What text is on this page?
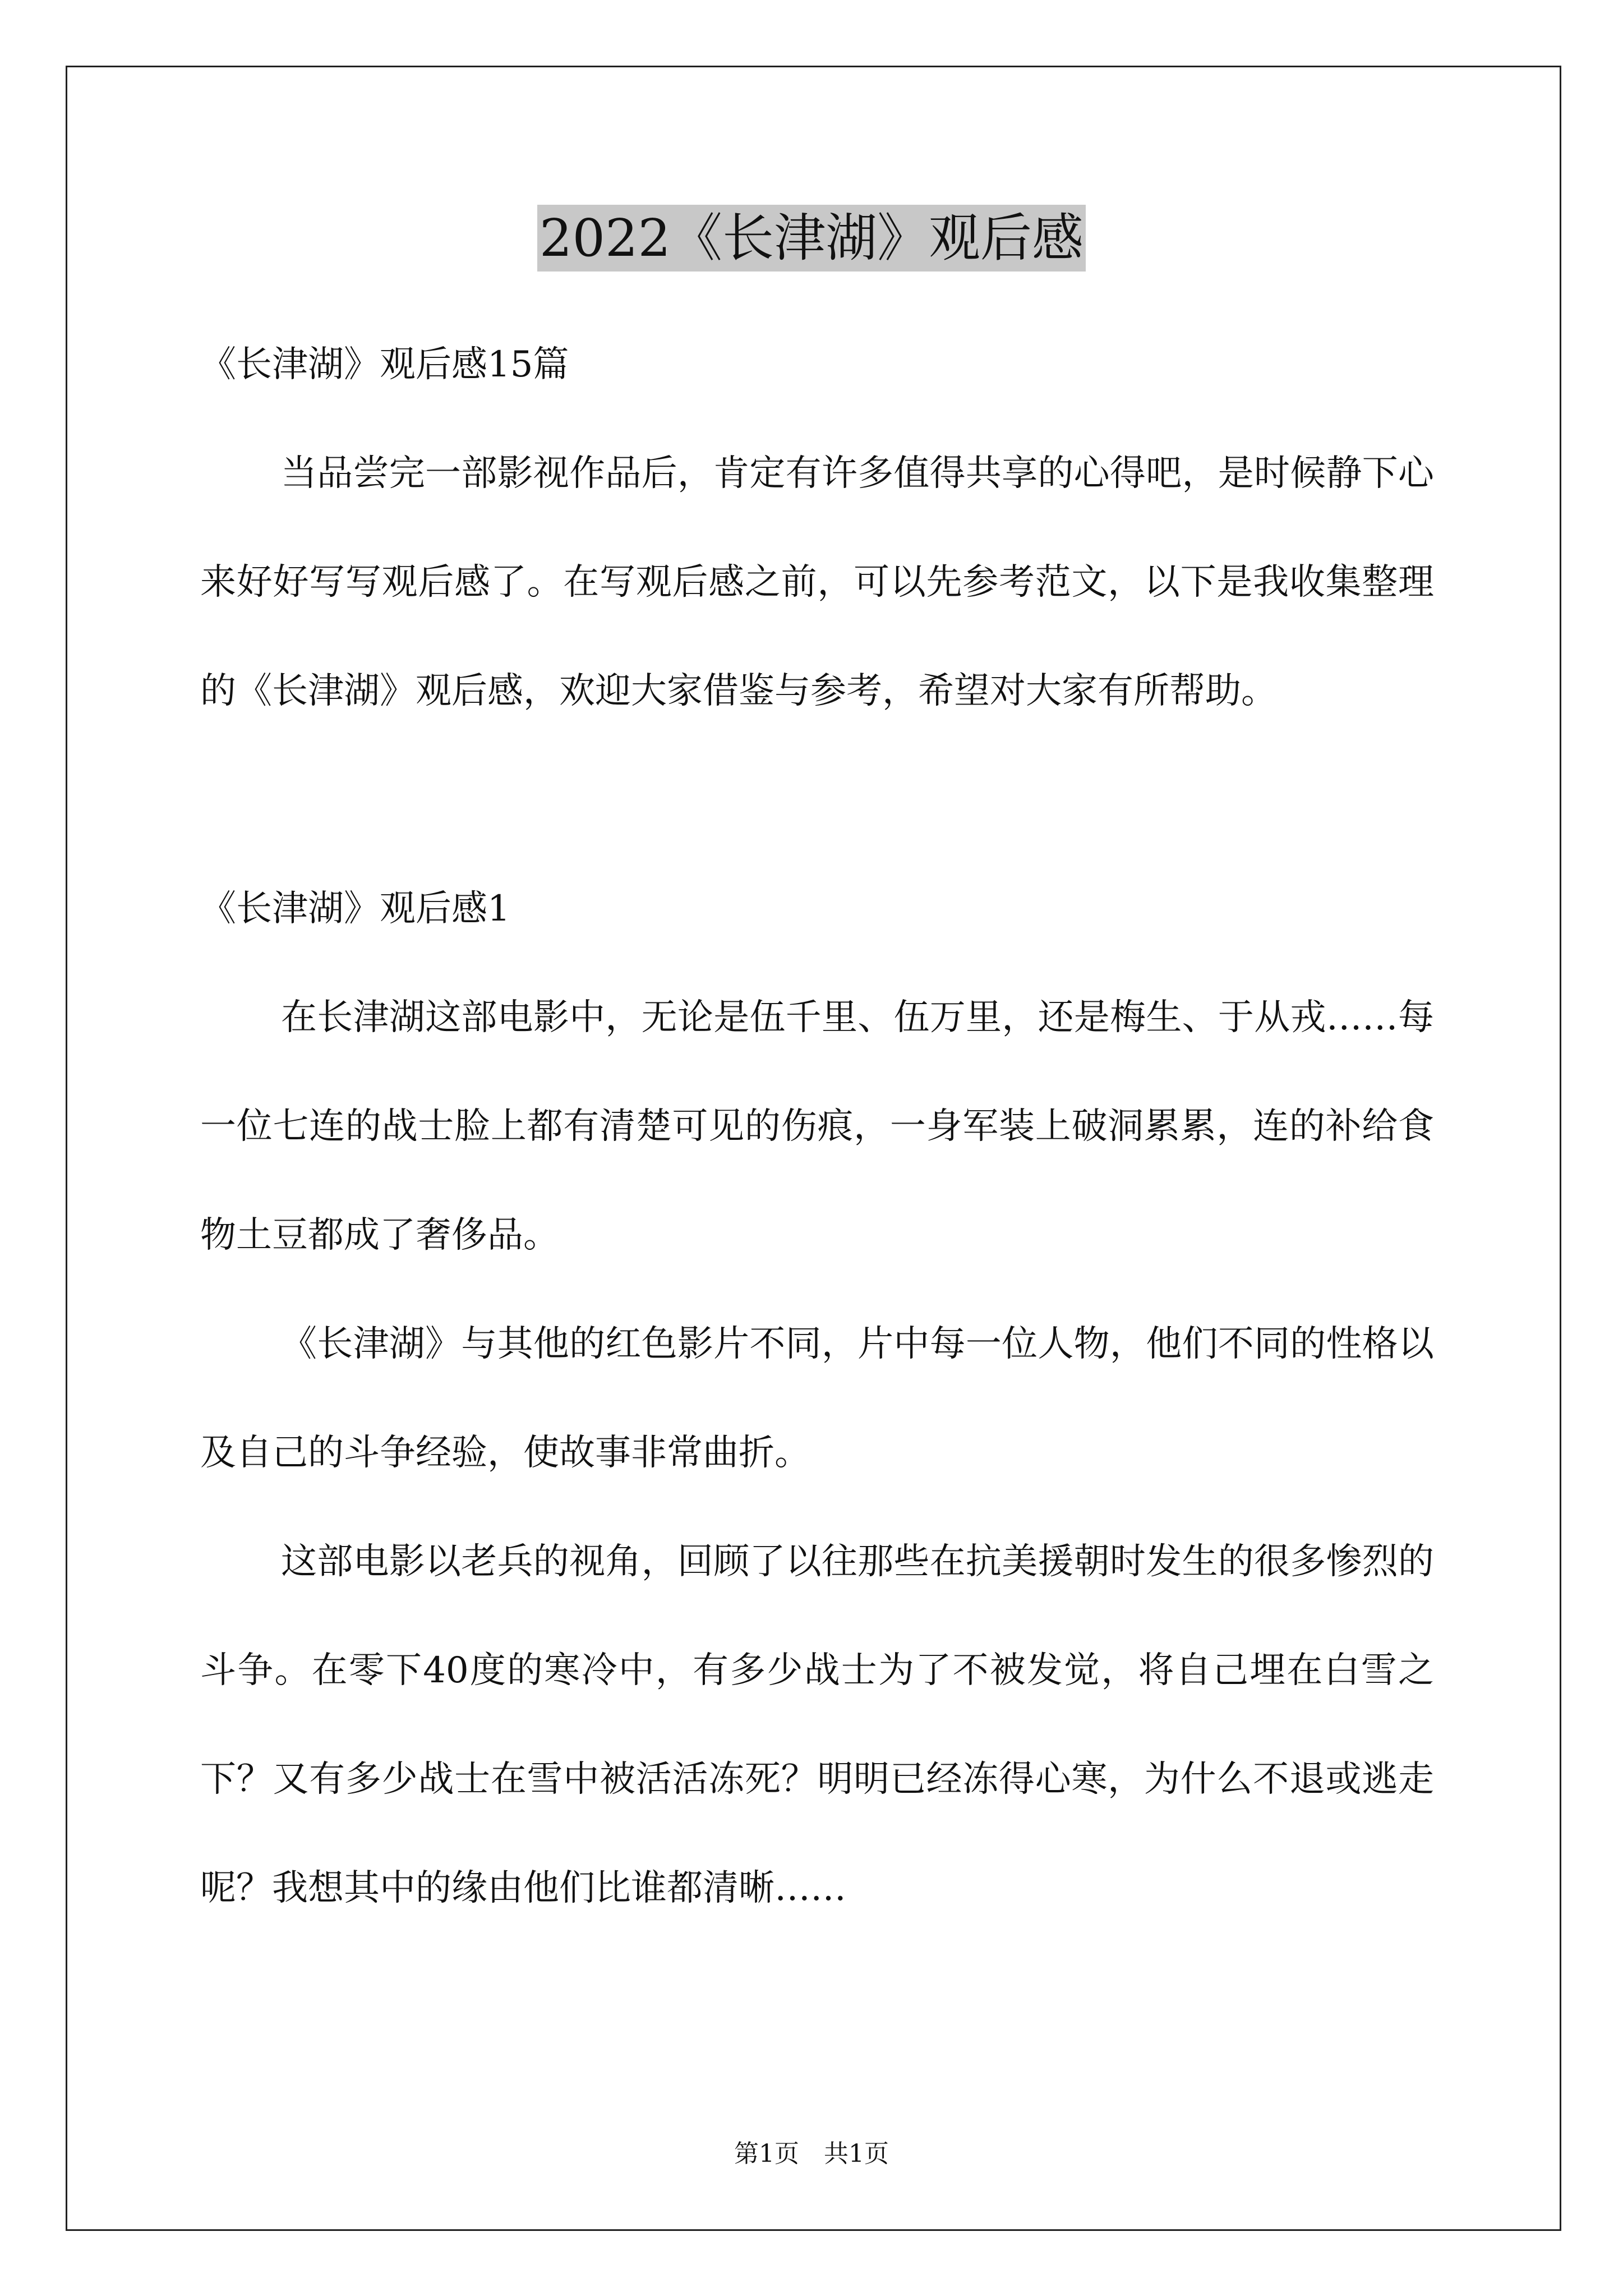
2022《长津湖》观后感

《长津湖》观后感15篇

当品尝完一部影视作品后，肯定有许多值得共享的心得吧，是时候静下心来好好写写观后感了。在写观后感之前，可以先参考范文，以下是我收集整理的《长津湖》观后感，欢迎大家借鉴与参考，希望对大家有所帮助。

《长津湖》观后感1

在长津湖这部电影中，无论是伍千里、伍万里，还是梅生、于从戎……每一位七连的战士脸上都有清楚可见的伤痕，一身军装上破洞累累，连的补给食物土豆都成了奢侈品。

《长津湖》与其他的红色影片不同，片中每一位人物，他们不同的性格以及自己的斗争经验，使故事非常曲折。

这部电影以老兵的视角，回顾了以往那些在抗美援朝时发生的很多惨烈的斗争。在零下40度的寒冷中，有多少战士为了不被发觉，将自己埋在白雪之下？又有多少战士在雪中被活活冻死？明明已经冻得心寒，为什么不退或逃走呢？我想其中的缘由他们比谁都清晰……

第1页　共1页
